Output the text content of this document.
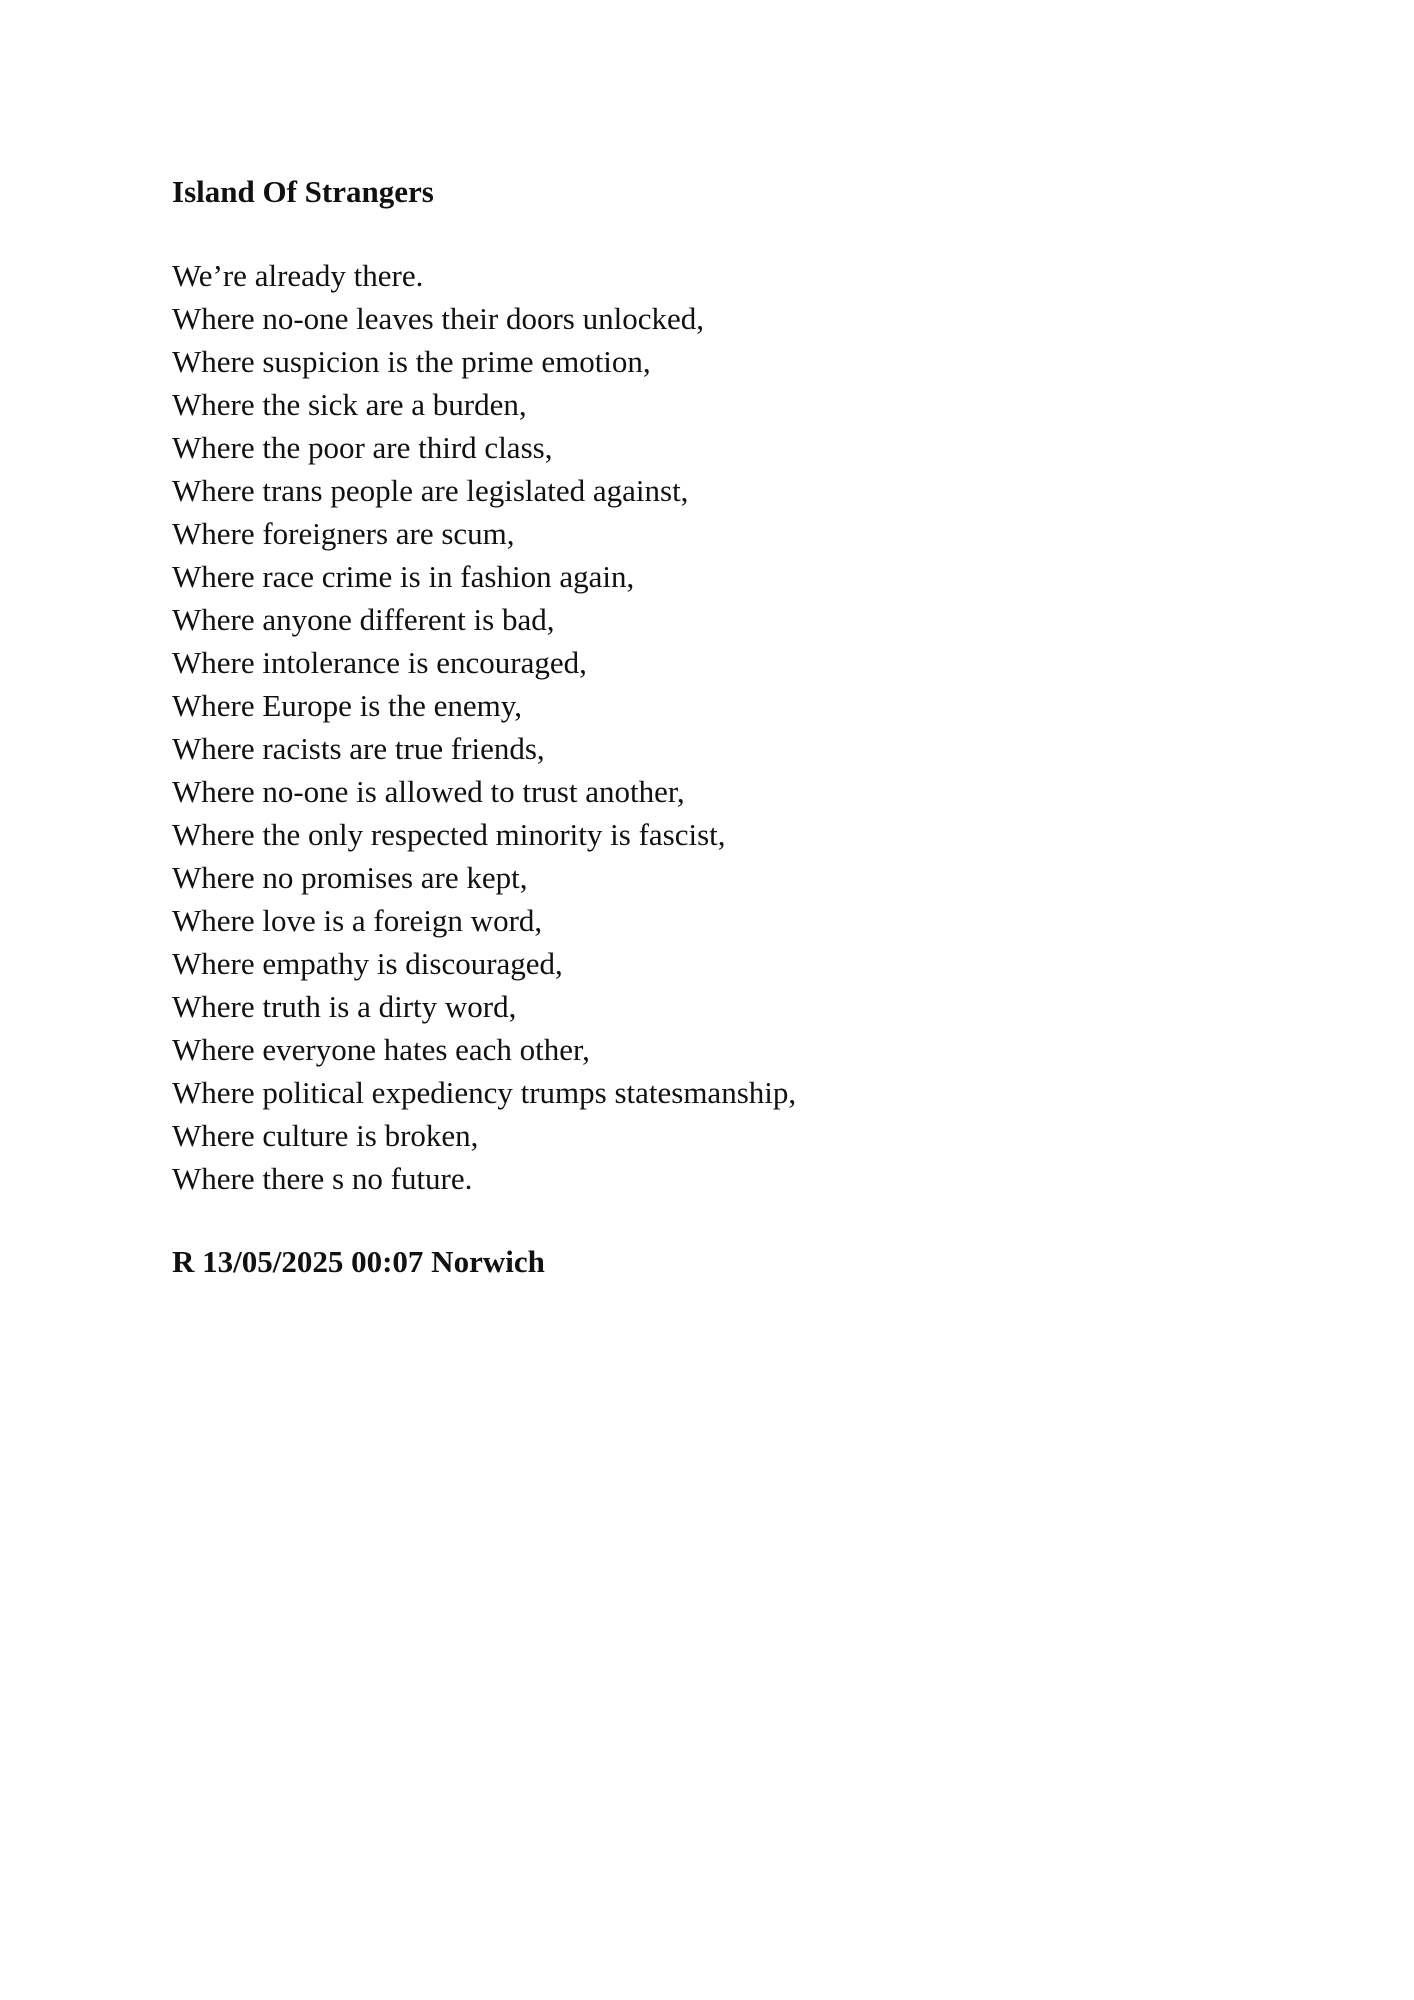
Island Of Strangers
We’re already there.
Where no-one leaves their doors unlocked,
Where suspicion is the prime emotion,
Where the sick are a burden,
Where the poor are third class,
Where trans people are legislated against,
Where foreigners are scum,
Where race crime is in fashion again,
Where anyone different is bad,
Where intolerance is encouraged,
Where Europe is the enemy,
Where racists are true friends,
Where no-one is allowed to trust another,
Where the only respected minority is fascist,
Where no promises are kept,
Where love is a foreign word,
Where empathy is discouraged,
Where truth is a dirty word,
Where everyone hates each other,
Where political expediency trumps statesmanship,
Where culture is broken,
Where there s no future.

R 13/05/2025 00:07 Norwich
